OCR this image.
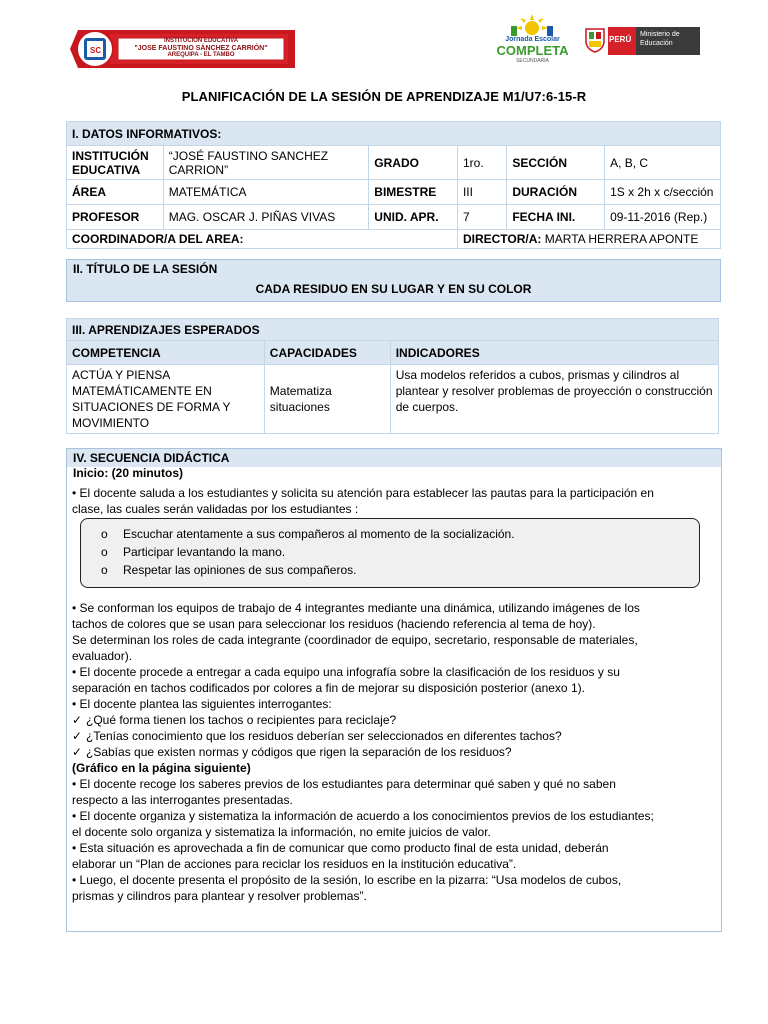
SC
INSTITUCIÓN EDUCATIVA
"JOSE FAUSTINO SÁNCHEZ CARRIÓN"
AREQUIPA - EL TAMBO
Jornada Escolar
COMPLETA
SECUNDARIA
PERÚ
Ministerio de Educación
PLANIFICACIÓN DE LA SESIÓN DE APRENDIZAJE M1/U7:6-15-R
I. DATOS INFORMATIVOS:					
INSTITUCIÓN EDUCATIVA	“JOSÉ FAUSTINO SANCHEZ CARRION”	GRADO	1ro.	SECCIÓN	A, B, C
ÁREA	MATEMÁTICA	BIMESTRE	III	DURACIÓN	1S x 2h x c/sección
PROFESOR	MAG. OSCAR J. PIÑAS VIVAS	UNID. APR.	7	FECHA INI.	09-11-2016 (Rep.)
COORDINADOR/A DEL AREA:			DIRECTOR/A: MARTA HERRERA APONTE		
II. TÍTULO DE LA SESIÓN
CADA RESIDUO EN SU LUGAR Y EN SU COLOR
III. APRENDIZAJES ESPERADOS		
COMPETENCIA	CAPACIDADES	INDICADORES
ACTÚA Y PIENSA MATEMÁTICAMENTE EN SITUACIONES DE FORMA Y MOVIMIENTO	Matematiza situaciones	Usa modelos referidos a cubos, prismas y cilindros al plantear y resolver problemas de proyección o construcción de cuerpos.
IV. SECUENCIA DIDÁCTICA
Inicio: (20 minutos)
• El docente saluda a los estudiantes y solicita su atención para establecer las pautas para la participación en
clase, las cuales serán validadas por los estudiantes :
o Escuchar atentamente a sus compañeros al momento de la socialización.
o Participar levantando la mano.
o Respetar las opiniones de sus compañeros.
• Se conforman los equipos de trabajo de 4 integrantes mediante una dinámica, utilizando imágenes de los
tachos de colores que se usan para seleccionar los residuos (haciendo referencia al tema de hoy).
Se determinan los roles de cada integrante (coordinador de equipo, secretario, responsable de materiales,
evaluador).
• El docente procede a entregar a cada equipo una infografía sobre la clasificación de los residuos y su
separación en tachos codificados por colores a fin de mejorar su disposición posterior (anexo 1).
• El docente plantea las siguientes interrogantes:
✓ ¿Qué forma tienen los tachos o recipientes para reciclaje?
✓ ¿Tenías conocimiento que los residuos deberían ser seleccionados en diferentes tachos?
✓ ¿Sabías que existen normas y códigos que rigen la separación de los residuos?
(Gráfico en la página siguiente)
• El docente recoge los saberes previos de los estudiantes para determinar qué saben y qué no saben
respecto a las interrogantes presentadas.
• El docente organiza y sistematiza la información de acuerdo a los conocimientos previos de los estudiantes;
el docente solo organiza y sistematiza la información, no emite juicios de valor.
• Esta situación es aprovechada a fin de comunicar que como producto final de esta unidad, deberán
elaborar un “Plan de acciones para reciclar los residuos en la institución educativa”.
• Luego, el docente presenta el propósito de la sesión, lo escribe en la pizarra: “Usa modelos de cubos,
prismas y cilindros para plantear y resolver problemas”.
